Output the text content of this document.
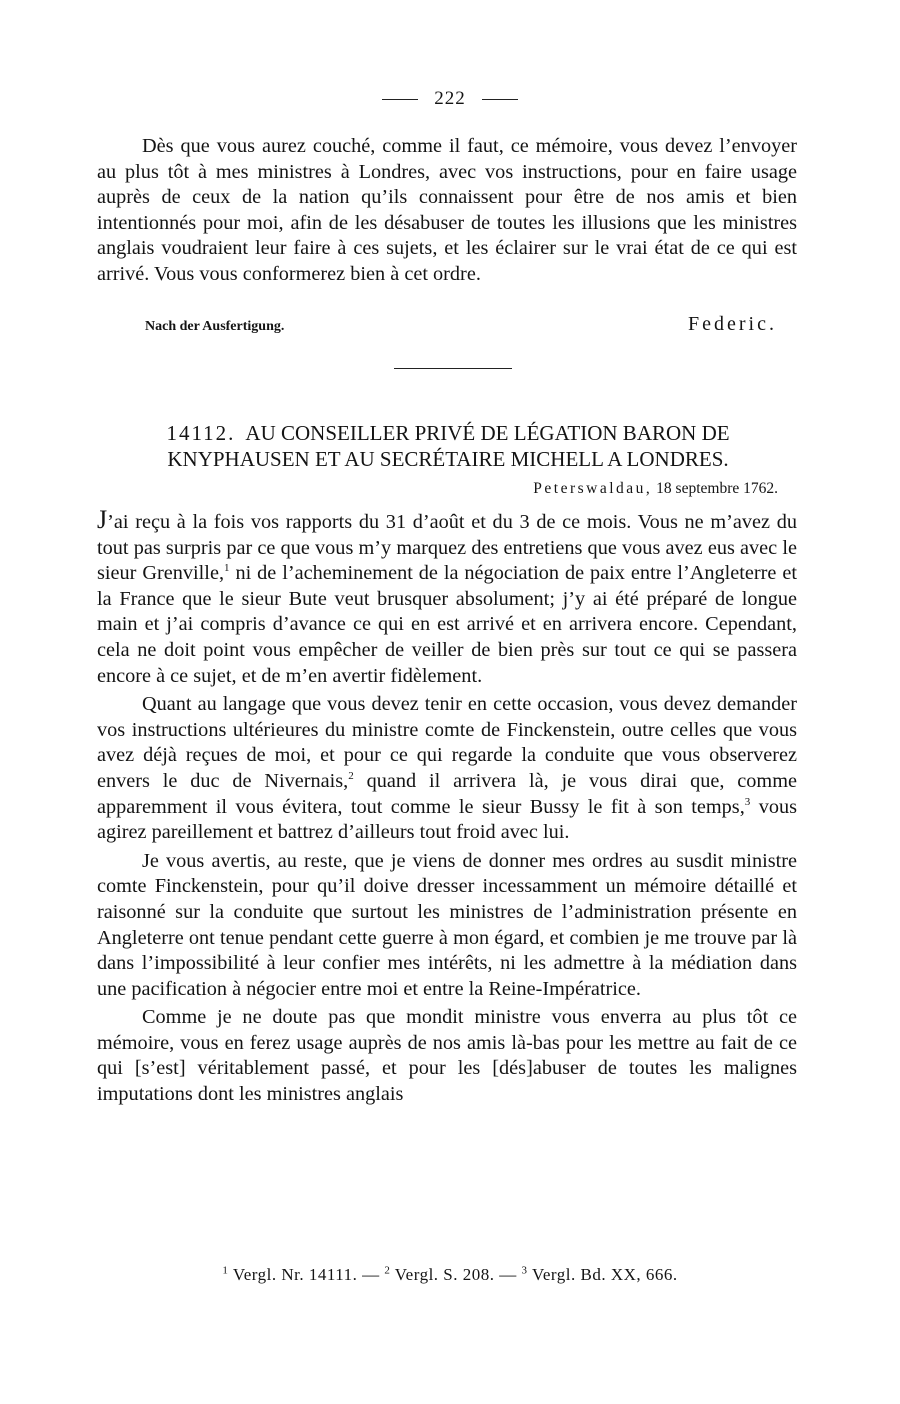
222

Dès que vous aurez couché, comme il faut, ce mémoire, vous devez l’envoyer au plus tôt à mes ministres à Londres, avec vos instructions, pour en faire usage auprès de ceux de la nation qu’ils connaissent pour être de nos amis et bien intentionnés pour moi, afin de les désabuser de toutes les illusions que les ministres anglais voudraient leur faire à ces sujets, et les éclairer sur le vrai état de ce qui est arrivé. Vous vous conformerez bien à cet ordre.

Nach der Ausfertigung.	Federic.
14112. AU CONSEILLER PRIVÉ DE LÉGATION BARON DE KNYPHAUSEN ET AU SECRÉTAIRE MICHELL A LONDRES.
Peterswaldau, 18 septembre 1762.

J’ai reçu à la fois vos rapports du 31 d’août et du 3 de ce mois. Vous ne m’avez du tout pas surpris par ce que vous m’y marquez des entretiens que vous avez eus avec le sieur Grenville,$^1$ ni de l’acheminement de la négociation de paix entre l’Angleterre et la France que le sieur Bute veut brusquer absolument; j’y ai été préparé de longue main et j’ai compris d’avance ce qui en est arrivé et en arrivera encore. Cependant, cela ne doit point vous empêcher de veiller de bien près sur tout ce qui se passera encore à ce sujet, et de m’en avertir fidèlement.

Quant au langage que vous devez tenir en cette occasion, vous devez demander vos instructions ultérieures du ministre comte de Finckenstein, outre celles que vous avez déjà reçues de moi, et pour ce qui regarde la conduite que vous observerez envers le duc de Nivernais,$^2$ quand il arrivera là, je vous dirai que, comme apparemment il vous évitera, tout comme le sieur Bussy le fit à son temps,$^3$ vous agirez pareillement et battrez d’ailleurs tout froid avec lui.

Je vous avertis, au reste, que je viens de donner mes ordres au susdit ministre comte Finckenstein, pour qu’il doive dresser incessamment un mémoire détaillé et raisonné sur la conduite que surtout les ministres de l’administration présente en Angleterre ont tenue pendant cette guerre à mon égard, et combien je me trouve par là dans l’impossibilité à leur confier mes intérêts, ni les admettre à la médiation dans une pacification à négocier entre moi et entre la Reine-Impératrice.

Comme je ne doute pas que mondit ministre vous enverra au plus tôt ce mémoire, vous en ferez usage auprès de nos amis là-bas pour les mettre au fait de ce qui [s’est] véritablement passé, et pour les [dés]abuser de toutes les malignes imputations dont les ministres anglais

$^1$ Vergl. Nr. 14111. — $^2$ Vergl. S. 208. — $^3$ Vergl. Bd. XX, 666.
